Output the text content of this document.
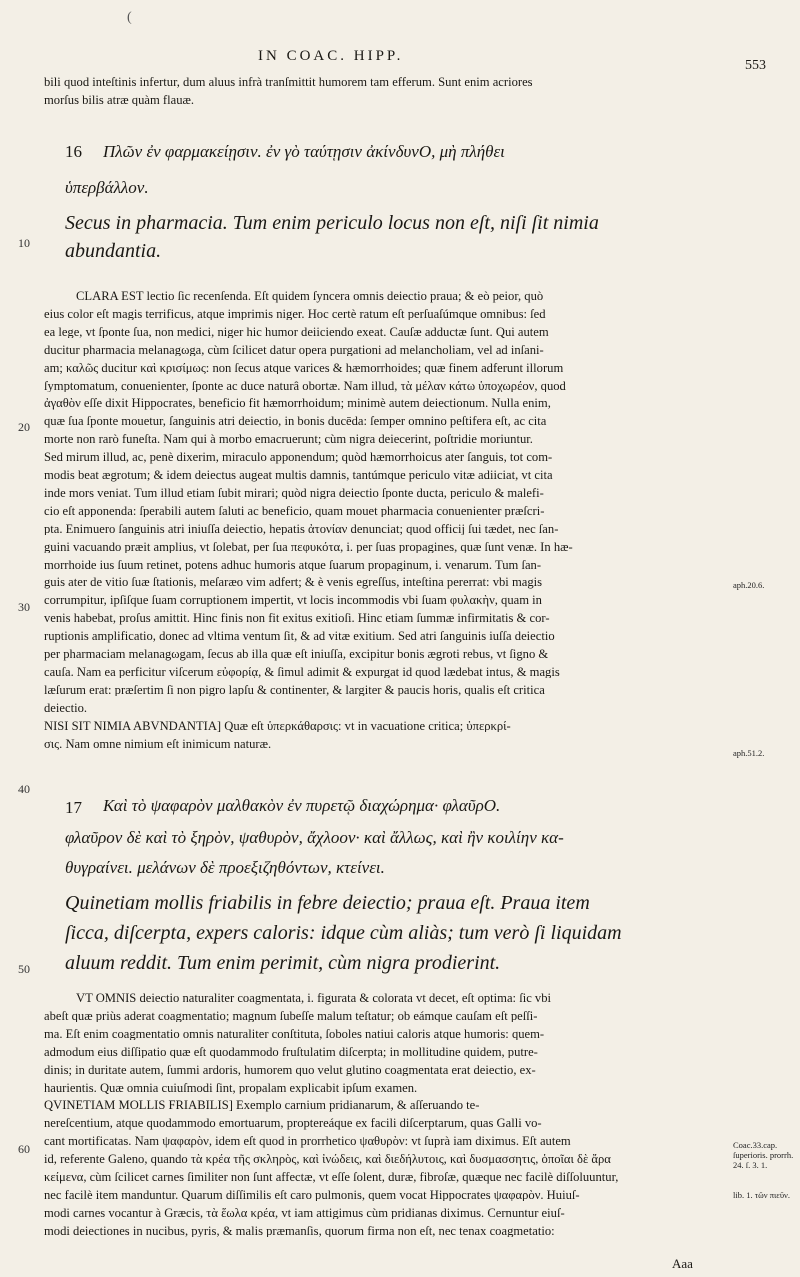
(
IN COAC. HIPP.
553
bili quod inteſtinis infertur, dum aluus infrà tranſmittit humorem tam efferum. Sunt enim acriores
morſus bilis atræ quàm flauæ.
16 Πλῶν ἐν φαρμακείῃσιν. ἐν γὸ ταύτῃσιν ἀκίνδυνΟ, μὴ πλήθει
ὑπερβάλλον.
Secus in pharmacia. Tum enim periculo locus non eſt, niſi ſit nimia
abundantia.
CLARA EST lectio ſic recenſenda. Eſt quidem ſyncera omnis deiectio praua; & eò peior, quò
eius color eſt magis terrificus, atque imprimis niger. Hoc certè ratum eſt perſuaſúmque omnibus: ſed
ea lege, vt ſponte ſua, non medici, niger hic humor deiiciendo exeat. Cauſæ adductæ ſunt. Qui autem
ducitur pharmacia melanagωga, cùm ſcilicet datur opera purgationi ad melancholiam, vel ad inſani-
am; καλῶς ducitur καὶ κρισίμως: non ſecus atque varices & hæmorrhoides; quæ finem adferunt illorum
ſymptomatum, conuenienter, ſponte ac duce naturâ obortæ. Nam illud, τὰ μέλαν κάτω ὑποχωρέον, quod
ἀγαθὸν eſſe dixit Hippocrates, beneficio fit hæmorrhoidum; minimè autem deiectionum. Nulla enim,
quæ ſua ſponte mouetur, ſanguinis atri deiectio, in bonis ducēda: ſemper omnino peſtifera eſt, ac cita
morte non rarò funeſta. Nam qui à morbo emacruerunt; cùm nigra deiecerint, poſtridie moriuntur.
Sed mirum illud, ac, penè dixerim, miraculo apponendum; quòd hæmorrhoicus ater ſanguis, tot com-
modis beat ægrotum; & idem deiectus augeat multis damnis, tantúmque periculo vitæ adiiciat, vt cita
inde mors veniat. Tum illud etiam ſubit mirari; quòd nigra deiectio ſponte ducta, periculo & malefi-
cio eſt apponenda: ſperabili autem ſaluti ac beneficio, quam mouet pharmacia conuenienter præſcri-
pta. Enimuero ſanguinis atri iniuſſa deiectio, hepatis ἀτονίαν denunciat; quod officij ſui tædet, nec ſan-
guini vacuando præit amplius, vt ſolebat, per ſua πεφυκότα, i. per ſuas propagines, quæ ſunt venæ. In hæ-
morrhoide ius ſuum retinet, potens adhuc humoris atque ſuarum propaginum, i. venarum. Tum ſan-
guis ater de vitio ſuæ ſtationis, meſaræo vim adfert; & è venis egreſſus, inteſtina pererrat: vbi magis
corrumpitur, ipſiſque ſuam corruptionem impertit, vt locis incommodis vbi ſuam φυλακὴν, quam in
venis habebat, proſus amittit. Hinc finis non fit exitus exitioſi. Hinc etiam ſummæ infirmitatis & cor-
ruptionis amplificatio, donec ad vltima ventum ſit, & ad vitæ exitium. Sed atri ſanguinis iuſſa deiectio
per pharmaciam melanagωgam, ſecus ab illa quæ eſt iniuſſa, excipitur bonis ægroti rebus, vt ſigno &
cauſa. Nam ea perficitur viſcerum εὐφορίᾳ, & ſimul adimit & expurgat id quod lædebat intus, & magis
læſurum erat: præſertim ſi non pigro lapſu & continenter, & largiter & paucis horis, qualis eſt critica
deiectio.
NISI SIT NIMIA ABVNDANTIA] Quæ eſt ὑπερκάθαρσις: vt in vacuatione critica; ὑπερκρί-
σις. Nam omne nimium eſt inimicum naturæ.
17 Καὶ τὸ ψαφαρὸν μαλθακὸν ἐν πυρετῷ διαχώρημα· φλαῦρΟ.
φλαῦρον δὲ καὶ τὸ ξηρὸν, ψαθυρὸν, ἄχλοον· καὶ ἄλλως, καὶ ἢν κοιλίην κα-
θυγραίνει. μελάνων δὲ προεξιζηθόντων, κτείνει.
Quinetiam mollis friabilis in febre deiectio; praua eſt. Praua item
ſicca, diſcerpta, expers caloris: idque cùm aliàs; tum verò ſi liquidam
aluum reddit. Tum enim perimit, cùm nigra prodierint.
VT OMNIS deiectio naturaliter coagmentata, i. figurata & colorata vt decet, eſt optima: ſic vbi
abeſt quæ priùs aderat coagmentatio; magnum ſubeſſe malum teſtatur; ob eámque cauſam eſt peſſi-
ma. Eſt enim coagmentatio omnis naturaliter conſtituta, ſoboles natiui caloris atque humoris: quem-
admodum eius diſſipatio quæ eſt quodammodo fruſtulatim diſcerpta; in mollitudine quidem, putre-
dinis; in duritate autem, ſummi ardoris, humorem quo velut glutino coagmentata erat deiectio, ex-
haurientis. Quæ omnia cuiuſmodi ſint, propalam explicabit ipſum examen.
QVINETIAM MOLLIS FRIABILIS] Exemplo carnium pridianarum, & aſſeruando te-
nereſcentium, atque quodammodo emortuarum, proptereáque ex facili diſcerptarum, quas Galli vo-
cant mortificatas. Nam ψαφαρὸν, idem eſt quod in prorrhetico ψαθυρὸν: vt ſuprà iam diximus. Eſt autem
id, referente Galeno, quando τὰ κρέα τῆς σκληρὸς, καὶ ἰνώδεις, καὶ διεδήλυτοις, καὶ δυσμασσητις, ὁποῖαι δὲ ἄρα
κείμενα, cùm ſcilicet carnes ſimiliter non ſunt affectæ, vt eſſe ſolent, duræ, fibroſæ, quæque nec facilè diſſoluuntur,
nec facilè item manduntur. Quarum diſſimilis eſt caro pulmonis, quem vocat Hippocrates ψαφαρὸν. Huiuſ-
modi carnes vocantur à Græcis, τὰ ἕωλα κρέα, vt iam attigimus cùm pridianas diximus. Cernuntur eiuſ-
modi deiectiones in nucibus, pyris, & malis præmanſis, quorum firma non eſt, nec tenax coagmetatio:
Aaa
10
20
30
40
50
60
aph.20.6.
aph.51.2.
Coac.33.cap. ſuperioris. prorrh. 24. ſ. 3. 1.
lib. 1. τῶν πιεῦν.
